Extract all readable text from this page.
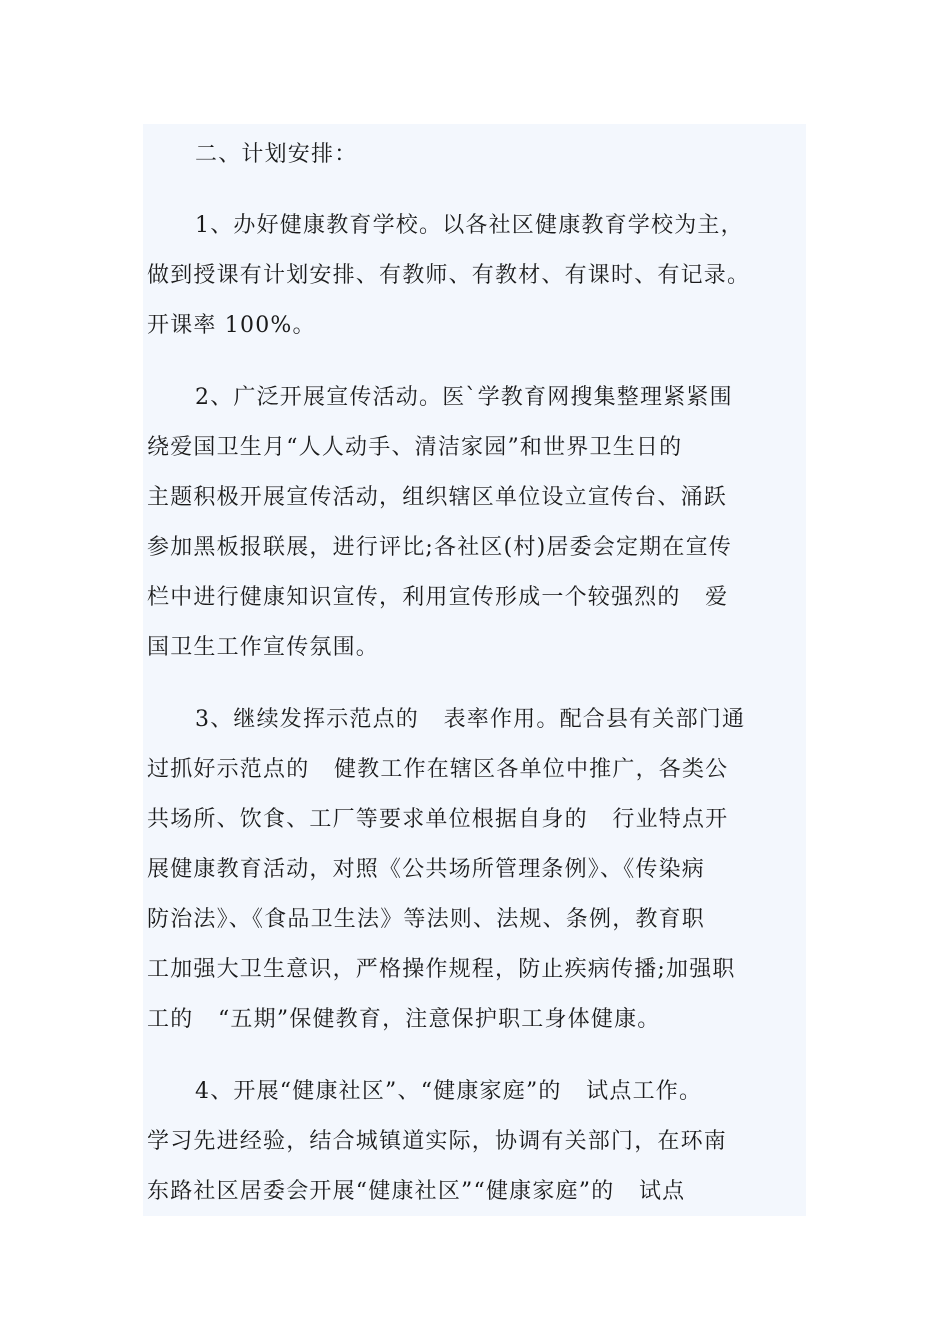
二、计划安排：
1、办好健康教育学校。以各社区健康教育学校为主，
做到授课有计划安排、有教师、有教材、有课时、有记录。
开课率 100%。
2、广泛开展宣传活动。医`学教育网搜集整理紧紧围
绕爱国卫生月“人人动手、清洁家园”和世界卫生日的
主题积极开展宣传活动，组织辖区单位设立宣传台、涌跃
参加黑板报联展，进行评比;各社区(村)居委会定期在宣传
栏中进行健康知识宣传，利用宣传形成一个较强烈的   爱
国卫生工作宣传氛围。
3、继续发挥示范点的   表率作用。配合县有关部门通
过抓好示范点的   健教工作在辖区各单位中推广，各类公
共场所、饮食、工厂等要求单位根据自身的   行业特点开
展健康教育活动，对照《公共场所管理条例》、《传染病
防治法》、《食品卫生法》等法则、法规、条例，教育职
工加强大卫生意识，严格操作规程，防止疾病传播;加强职
工的   “五期”保健教育，注意保护职工身体健康。
4、开展“健康社区”、“健康家庭”的   试点工作。
学习先进经验，结合城镇道实际，协调有关部门，在环南
东路社区居委会开展“健康社区”“健康家庭”的   试点
